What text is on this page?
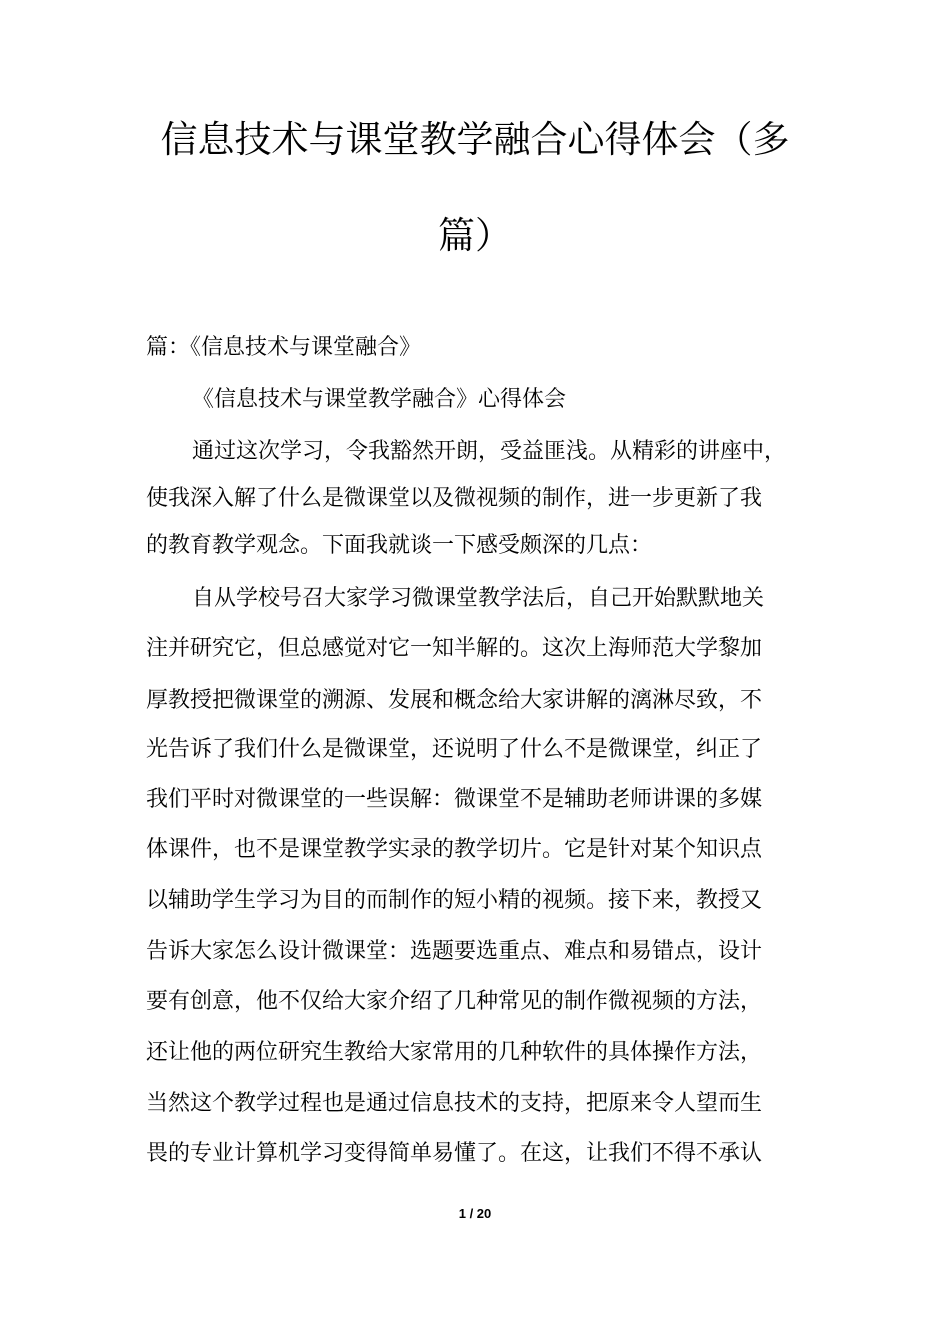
信息技术与课堂教学融合心得体会（多
篇）
篇：《信息技术与课堂融合》
《信息技术与课堂教学融合》心得体会
通过这次学习，令我豁然开朗，受益匪浅。从精彩的讲座中，
使我深入解了什么是微课堂以及微视频的制作，进一步更新了我
的教育教学观念。下面我就谈一下感受颇深的几点：
自从学校号召大家学习微课堂教学法后，自己开始默默地关
注并研究它，但总感觉对它一知半解的。这次上海师范大学黎加
厚教授把微课堂的溯源、发展和概念给大家讲解的漓淋尽致，不
光告诉了我们什么是微课堂，还说明了什么不是微课堂，纠正了
我们平时对微课堂的一些误解：微课堂不是辅助老师讲课的多媒
体课件，也不是课堂教学实录的教学切片。它是针对某个知识点
以辅助学生学习为目的而制作的短小精的视频。接下来，教授又
告诉大家怎么设计微课堂：选题要选重点、难点和易错点，设计
要有创意，他不仅给大家介绍了几种常见的制作微视频的方法，
还让他的两位研究生教给大家常用的几种软件的具体操作方法，
当然这个教学过程也是通过信息技术的支持，把原来令人望而生
畏的专业计算机学习变得简单易懂了。在这，让我们不得不承认
1 / 20
